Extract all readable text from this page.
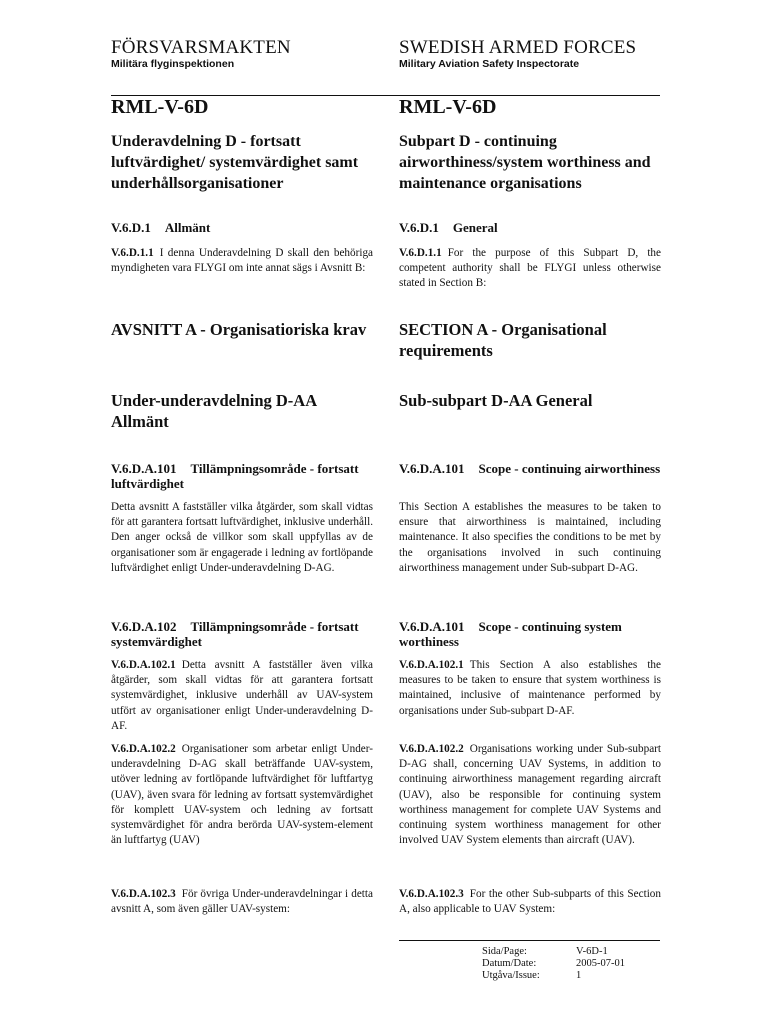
FÖRSVARSMAKTEN
Militära flyginspektionen
SWEDISH ARMED FORCES
Military Aviation Safety Inspectorate
RML-V-6D
Underavdelning D - fortsatt luftvärdighet/ systemvärdighet samt underhållsorganisationer
V.6.D.1 Allmänt

V.6.D.1.1 I denna Underavdelning D skall den behöriga myndigheten vara FLYGI om inte annat sägs i Avsnitt B:

AVSNITT A - Organisatioriska krav
Under-underavdelning D-AA Allmänt
V.6.D.A.101 Tillämpningsområde - fortsatt luftvärdighet

Detta avsnitt A fastställer vilka åtgärder, som skall vidtas för att garantera fortsatt luftvärdighet, inklusive underhåll. Den anger också de villkor som skall uppfyllas av de organisationer som är engagerade i ledning av fortlöpande luftvärdighet enligt Under-underavdelning D-AG.

V.6.D.A.102 Tillämpningsområde - fortsatt systemvärdighet

V.6.D.A.102.1 Detta avsnitt A fastställer även vilka åtgärder, som skall vidtas för att garantera fortsatt systemvärdighet, inklusive underhåll av UAV-system utfört av organisationer enligt Under-underavdelning D-AF.

V.6.D.A.102.2 Organisationer som arbetar enligt Under-underavdelning D-AG skall beträffande UAV-system, utöver ledning av fortlöpande luftvärdighet för luftfartyg (UAV), även svara för ledning av fortsatt systemvärdighet för komplett UAV-system och ledning av fortsatt systemvärdighet för andra berörda UAV-system-element än luftfartyg (UAV)

V.6.D.A.102.3 För övriga Under-underavdelningar i detta avsnitt A, som även gäller UAV-system:

RML-V-6D
Subpart D - continuing airworthiness/system worthiness and maintenance organisations
V.6.D.1 General

V.6.D.1.1 For the purpose of this Subpart D, the competent authority shall be FLYGI unless otherwise stated in Section B:

SECTION A - Organisational requirements
Sub-subpart D-AA General
V.6.D.A.101 Scope - continuing airworthiness

This Section A establishes the measures to be taken to ensure that airworthiness is maintained, including maintenance. It also specifies the conditions to be met by the organisations involved in such continuing airworthiness management under Sub-subpart D-AG.

V.6.D.A.101 Scope - continuing system worthiness

V.6.D.A.102.1 This Section A also establishes the measures to be taken to ensure that system worthiness is maintained, inclusive of maintenance performed by organisations under Sub-subpart D-AF.

V.6.D.A.102.2 Organisations working under Sub-subpart D-AG shall, concerning UAV Systems, in addition to continuing airworthiness management regarding aircraft (UAV), also be responsible for continuing system worthiness management for complete UAV Systems and continuing system worthiness management for other involved UAV System elements than aircraft (UAV).

V.6.D.A.102.3 For the other Sub-subparts of this Section A, also applicable to UAV System:

Sida/Page:	V-6D-1
Datum/Date:	2005-07-01
Utgåva/Issue:	1
